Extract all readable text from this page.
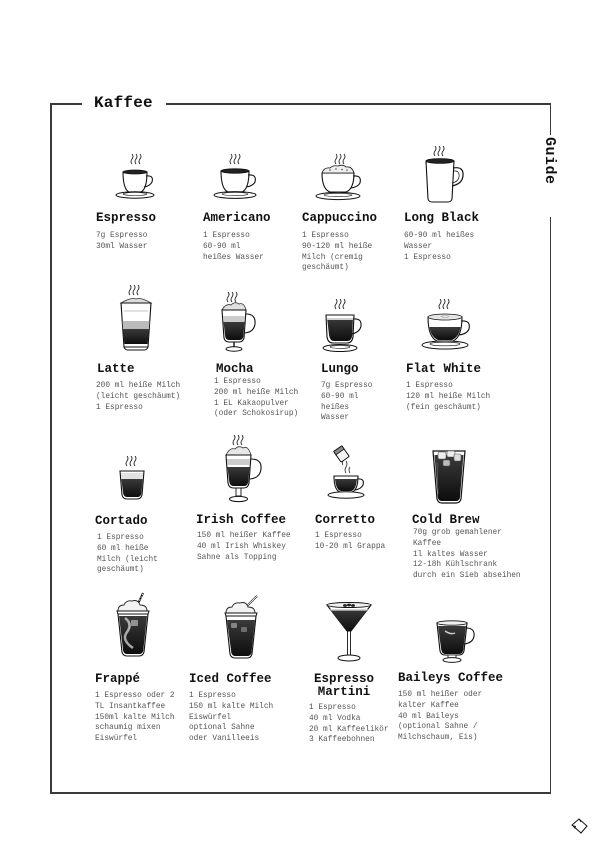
Kaffee
Guide
Espresso
7g Espresso
30ml Wasser
Americano
1 Espresso
60-90 ml
heißes Wasser
Cappuccino
1 Espresso
90-120 ml heiße
Milch (cremig
geschäumt)
Long Black
60-90 ml heißes
Wasser
1 Espresso
Latte
200 ml heiße Milch
(leicht geschäumt)
1 Espresso
Mocha
1 Espresso
200 ml heiße Milch
1 EL Kakaopulver
(oder Schokosirup)
Lungo
7g Espresso
60-90 ml
heißes
Wasser
Flat White
1 Espresso
120 ml heiße Milch
(fein geschäumt)
Cortado
1 Espresso
60 ml heiße
Milch (leicht
geschäumt)
Irish Coffee
150 ml heißer Kaffee
40 ml Irish Whiskey
Sahne als Topping
Corretto
1 Espresso
10-20 ml Grappa
Cold Brew
70g grob gemahlener
Kaffee
1l kaltes Wasser
12-18h Kühlschrank
durch ein Sieb abseihen
Frappé
1 Espresso oder 2
TL Insantkaffee
150ml kalte Milch
schaumig mixen
Eiswürfel
Iced Coffee
1 Espresso
150 ml kalte Milch
Eiswürfel
optional Sahne
oder Vanilleeis
Espresso
Martini
1 Espresso
40 ml Vodka
20 ml Kaffeelikör
3 Kaffeebohnen
Baileys Coffee
150 ml heißer oder
kalter Kaffee
40 ml Baileys
(optional Sahne /
Milchschaum, Eis)
